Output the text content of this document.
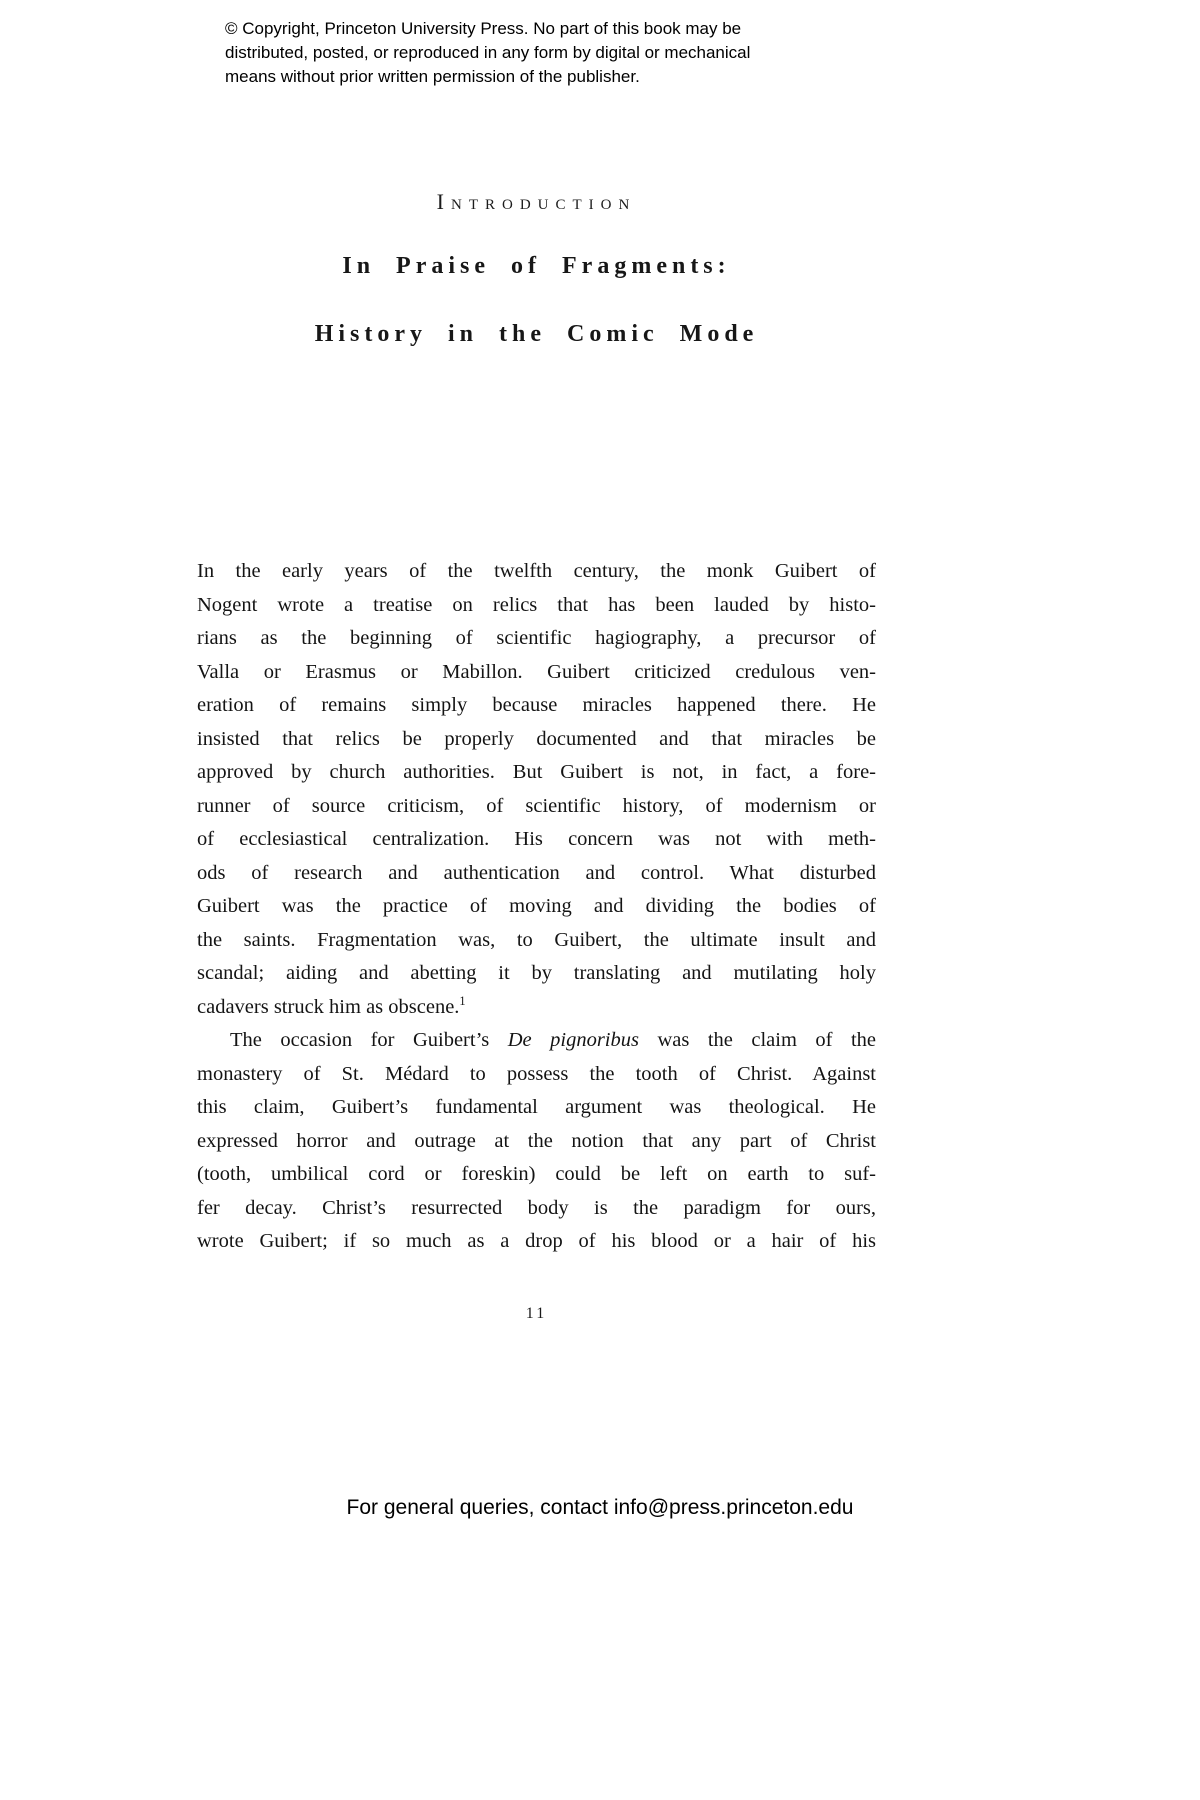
© Copyright, Princeton University Press. No part of this book may be
distributed, posted, or reproduced in any form by digital or mechanical
means without prior written permission of the publisher.
Introduction
In Praise of Fragments:
History in the Comic Mode
In the early years of the twelfth century, the monk Guibert of
Nogent wrote a treatise on relics that has been lauded by histo-
rians as the beginning of scientific hagiography, a precursor of
Valla or Erasmus or Mabillon. Guibert criticized credulous ven-
eration of remains simply because miracles happened there. He
insisted that relics be properly documented and that miracles be
approved by church authorities. But Guibert is not, in fact, a fore-
runner of source criticism, of scientific history, of modernism or
of ecclesiastical centralization. His concern was not with meth-
ods of research and authentication and control. What disturbed
Guibert was the practice of moving and dividing the bodies of
the saints. Fragmentation was, to Guibert, the ultimate insult and
scandal; aiding and abetting it by translating and mutilating holy
cadavers struck him as obscene.$^1$
The occasion for Guibert’s De pignoribus was the claim of the
monastery of St. Médard to possess the tooth of Christ. Against
this claim, Guibert’s fundamental argument was theological. He
expressed horror and outrage at the notion that any part of Christ
(tooth, umbilical cord or foreskin) could be left on earth to suf-
fer decay. Christ’s resurrected body is the paradigm for ours,
wrote Guibert; if so much as a drop of his blood or a hair of his
11
For general queries, contact info@press.princeton.edu
